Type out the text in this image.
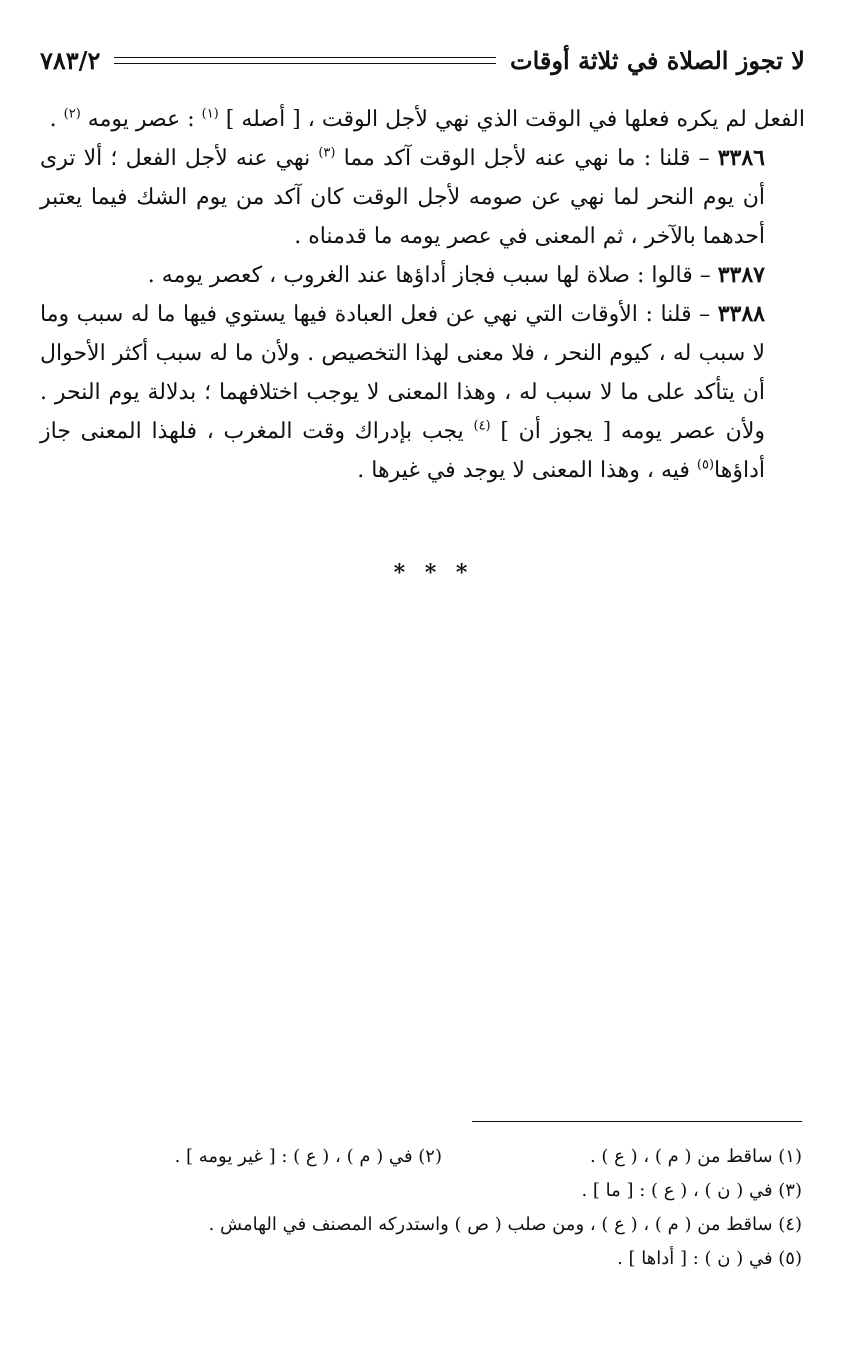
لا تجوز الصلاة في ثلاثة أوقات
٧٨٣/٢

الفعل لم يكره فعلها في الوقت الذي نهي لأجل الوقت ، [ أصله ] $^{(١)}$ : عصر يومه $^{(٢)}$ .

٣٣٨٦ – قلنا : ما نهي عنه لأجل الوقت آكد مما $^{(٣)}$ نهي عنه لأجل الفعل ؛ ألا ترى أن يوم النحر لما نهي عن صومه لأجل الوقت كان آكد من يوم الشك فيما يعتبر أحدهما بالآخر ، ثم المعنى في عصر يومه ما قدمناه .

٣٣٨٧ – قالوا : صلاة لها سبب فجاز أداؤها عند الغروب ، كعصر يومه .

٣٣٨٨ – قلنا : الأوقات التي نهي عن فعل العبادة فيها يستوي فيها ما له سبب وما لا سبب له ، كيوم النحر ، فلا معنى لهذا التخصيص . ولأن ما له سبب أكثر الأحوال أن يتأكد على ما لا سبب له ، وهذا المعنى لا يوجب اختلافهما ؛ بدلالة يوم النحر . ولأن عصر يومه [ يجوز أن ] $^{(٤)}$ يجب بإدراك وقت المغرب ، فلهذا المعنى جاز أداؤها$^{(٥)}$ فيه ، وهذا المعنى لا يوجد في غيرها .

* * *
(١) ساقط من ( م ) ، ( ع ) .
(٢) في ( م ) ، ( ع ) : [ غير يومه ] .
(٣) في ( ن ) ، ( ع ) : [ ما ] .
(٤) ساقط من ( م ) ، ( ع ) ، ومن صلب ( ص ) واستدركه المصنف في الهامش .
(٥) في ( ن ) : [ أداها ] .
